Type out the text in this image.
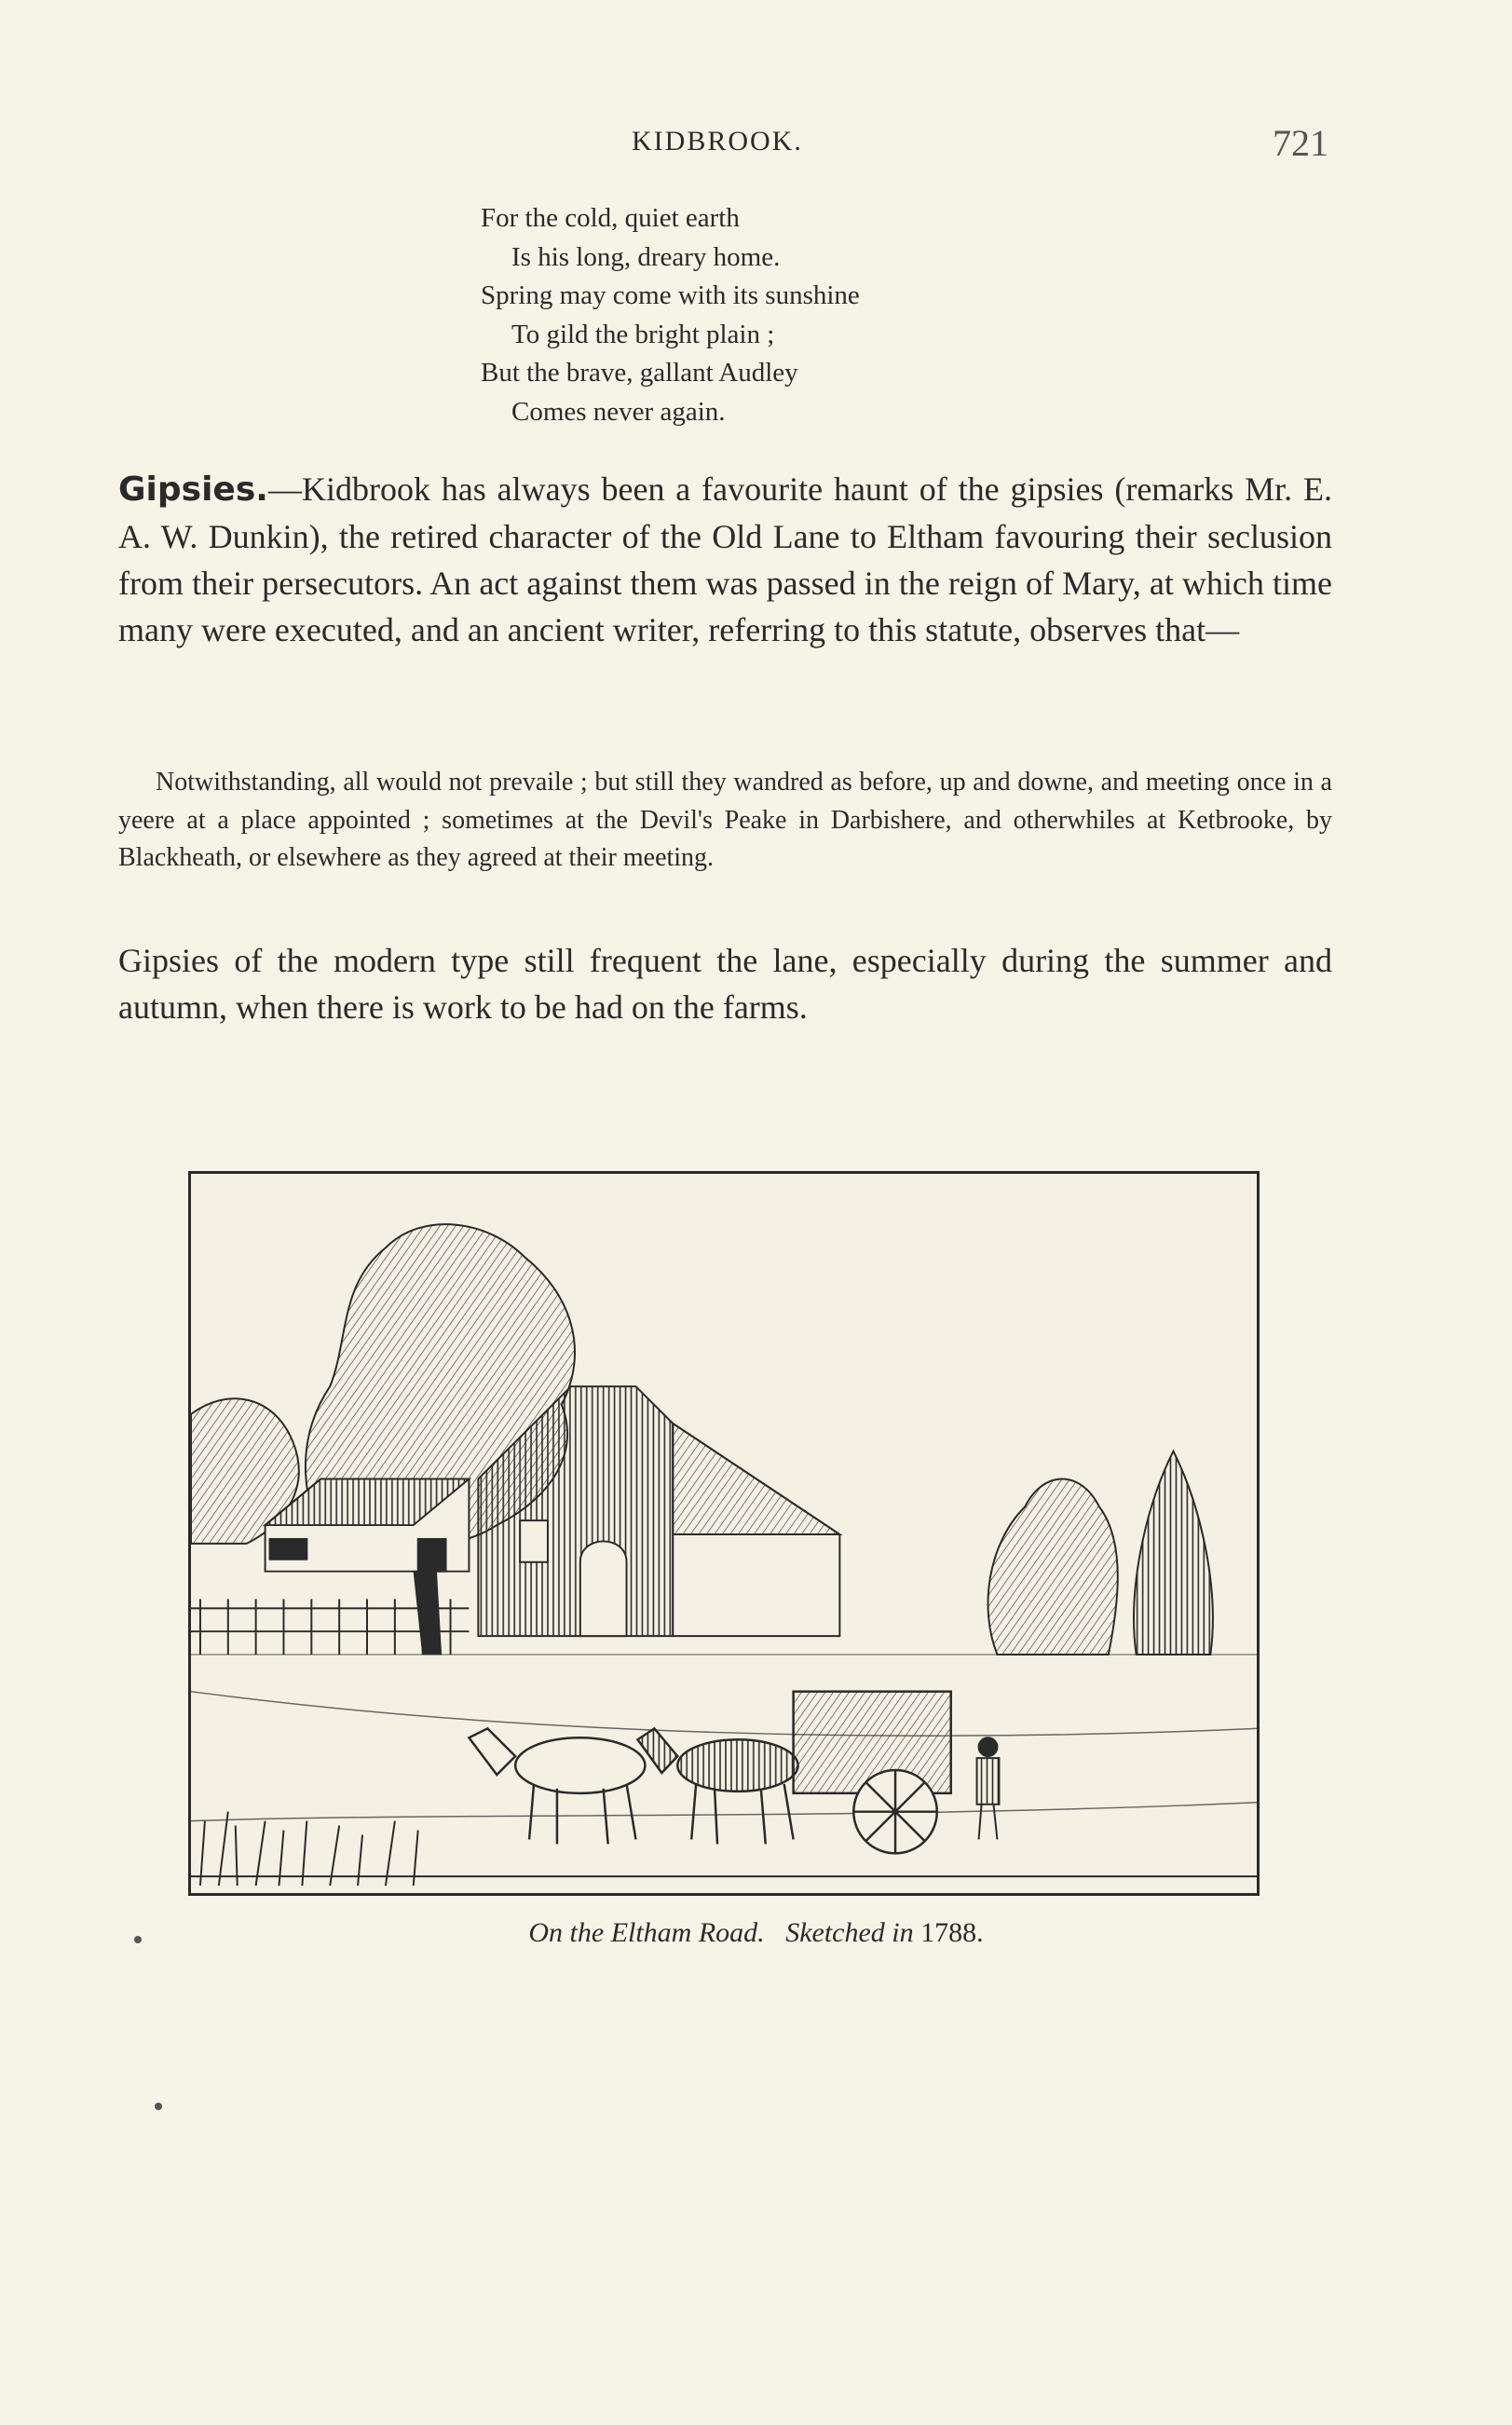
KIDBROOK.	721
For the cold, quiet earth
Is his long, dreary home.
Spring may come with its sunshine
To gild the bright plain ;
But the brave, gallant Audley
Comes never again.
Gipsies.—Kidbrook has always been a favourite haunt of the gipsies (remarks Mr. E. A. W. Dunkin), the retired character of the Old Lane to Eltham favouring their seclusion from their persecutors. An act against them was passed in the reign of Mary, at which time many were executed, and an ancient writer, referring to this statute, observes that—
Notwithstanding, all would not prevaile ; but still they wandred as before, up and downe, and meeting once in a yeere at a place appointed ; sometimes at the Devil's Peake in Darbishere, and otherwhiles at Ketbrooke, by Blackheath, or elsewhere as they agreed at their meeting.
Gipsies of the modern type still frequent the lane, especially during the summer and autumn, when there is work to be had on the farms.
On the Eltham Road. Sketched in 1788.
